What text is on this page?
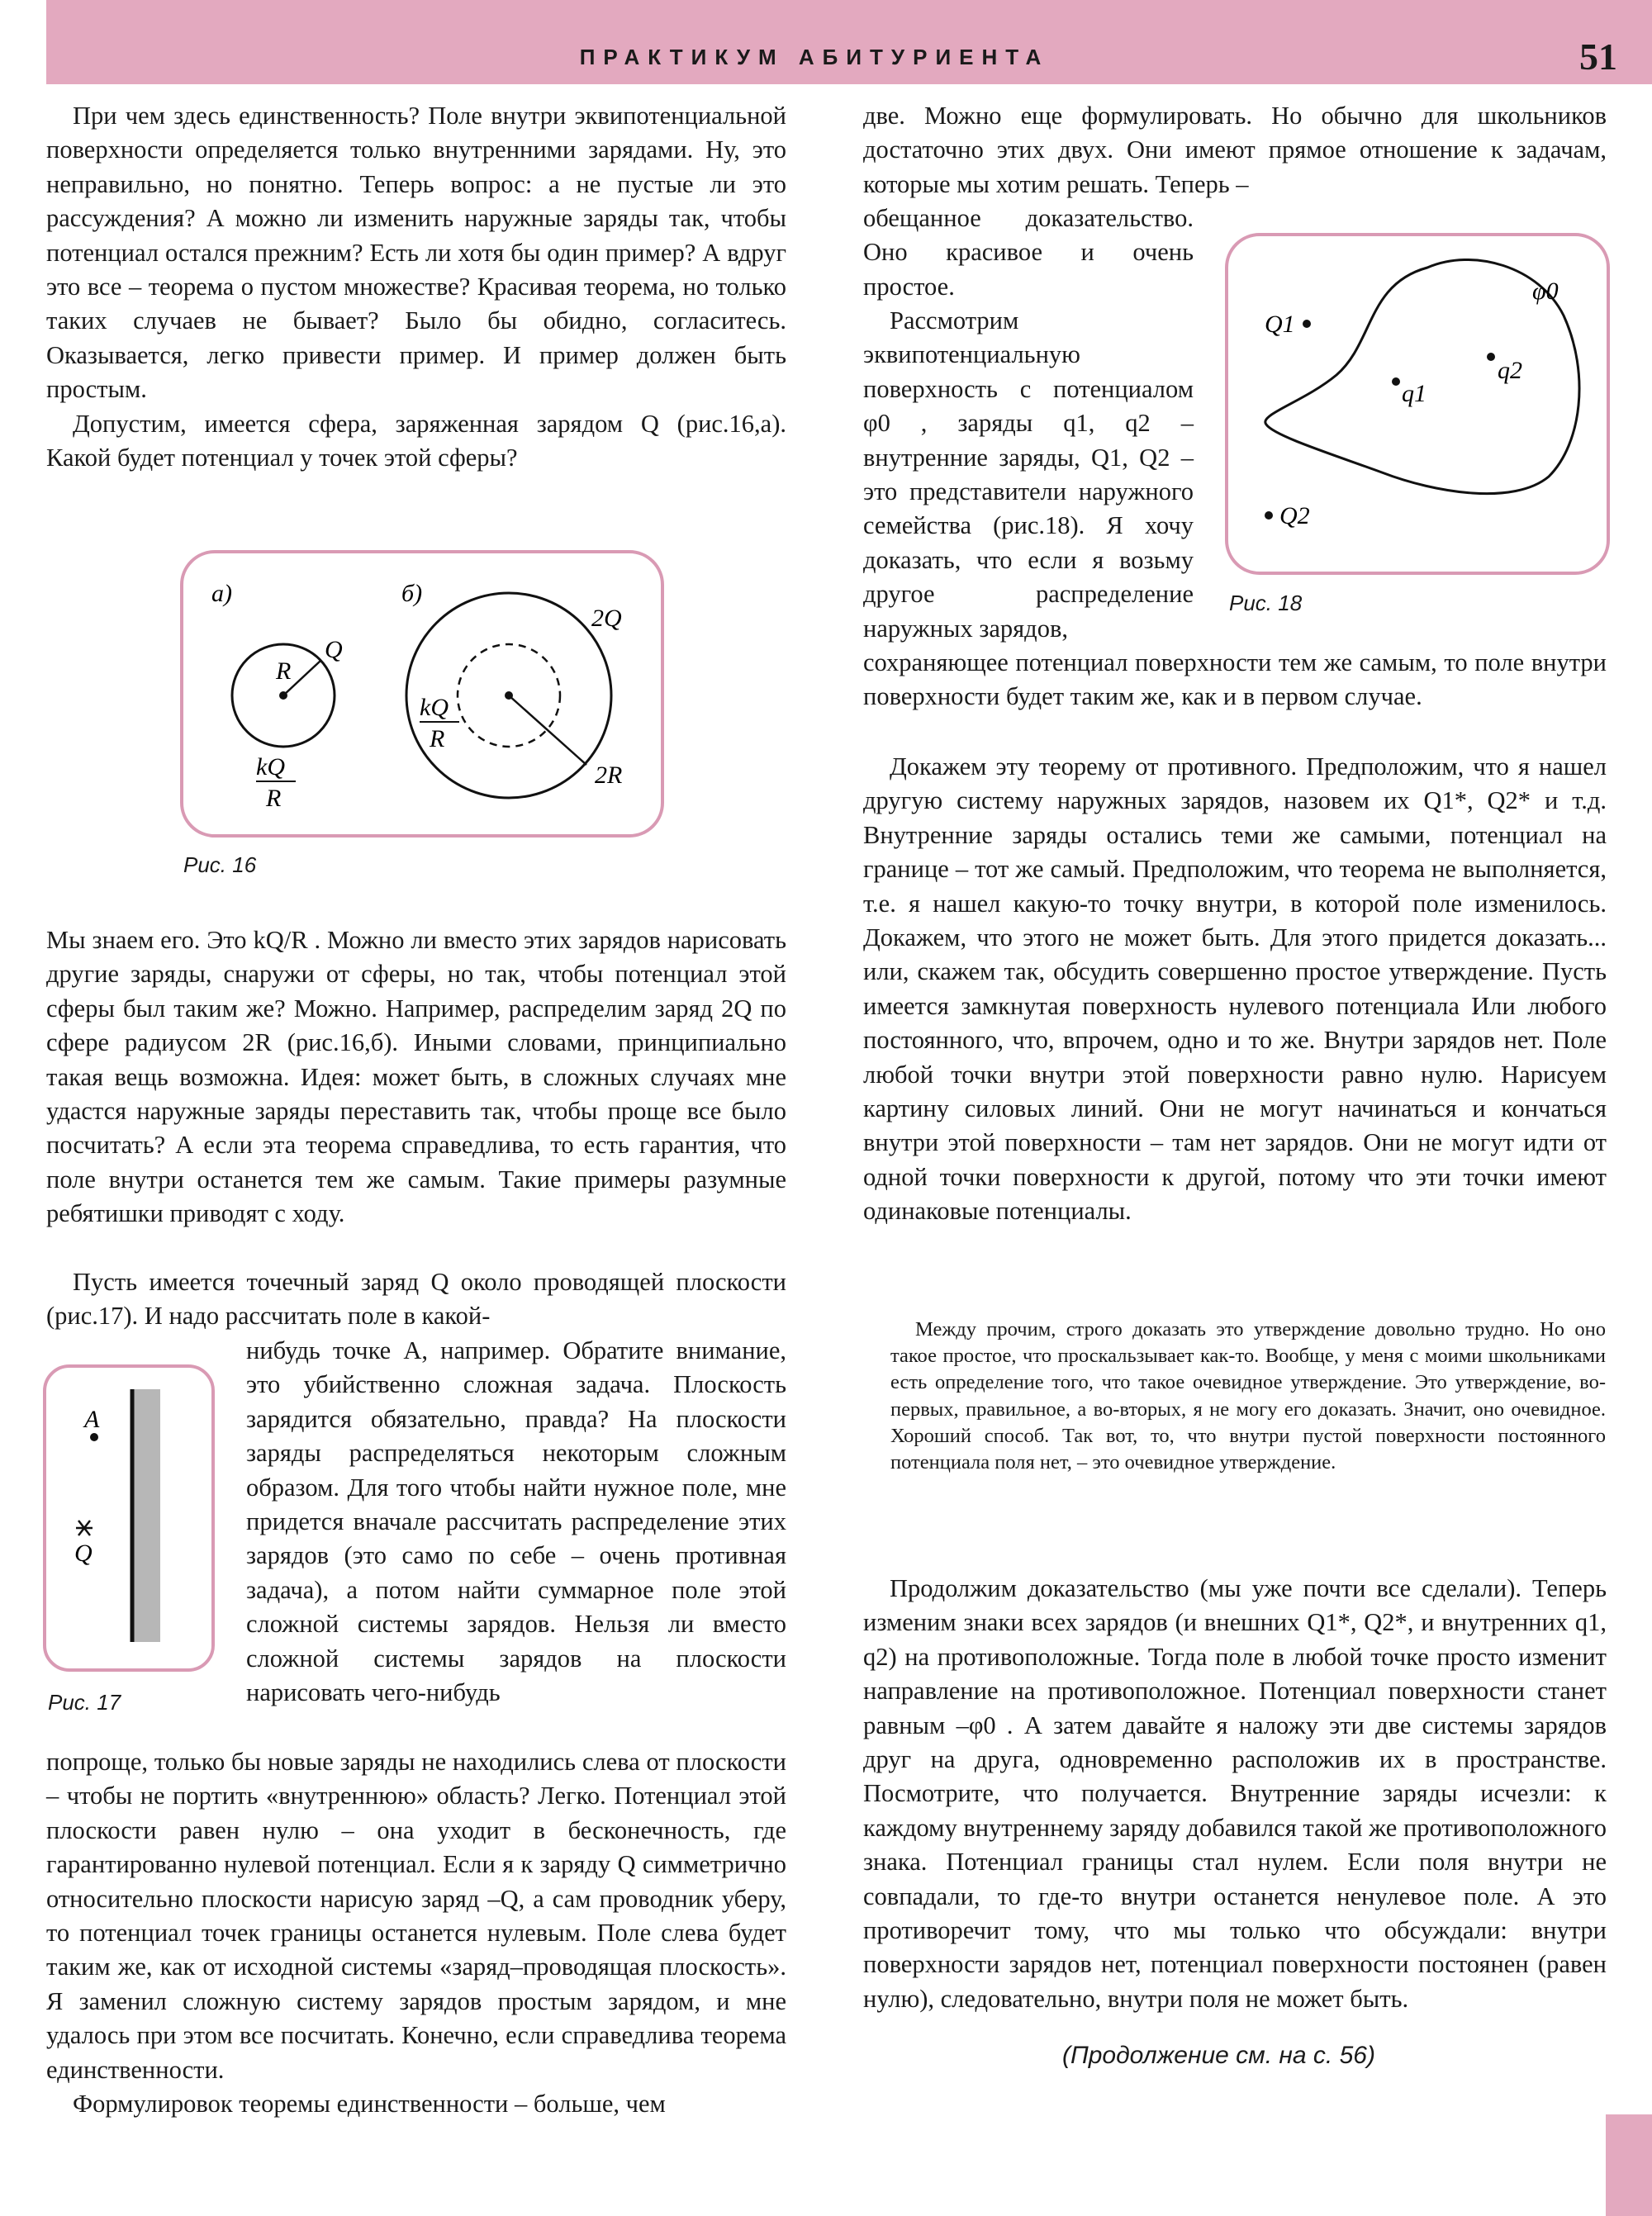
ПРАКТИКУМ АБИТУРИЕНТА	51

При чем здесь единственность? Поле внутри эквипотенциальной поверхности определяется только внутренними зарядами. Ну, это неправильно, но понятно. Теперь вопрос: а не пустые ли это рассуждения? А можно ли изменить наружные заряды так, чтобы потенциал остался прежним? Есть ли хотя бы один пример? А вдруг это все – теорема о пустом множестве? Красивая теорема, но только таких случаев не бывает? Было бы обидно, согласитесь. Оказывается, легко привести пример. И пример должен быть простым.

Допустим, имеется сфера, заряженная зарядом Q (рис.16,а). Какой будет потенциал у точек этой сферы?

а)	б)
R
Q
kQ
R
2Q
2R
kQ
R
Рис. 16
Мы знаем его. Это kQ/R . Можно ли вместо этих зарядов нарисовать другие заряды, снаружи от сферы, но так, чтобы потенциал этой сферы был таким же? Можно. Например, распределим заряд 2Q по сфере радиусом 2R (рис.16,б). Иными словами, принципиально такая вещь возможна. Идея: может быть, в сложных случаях мне удастся наружные заряды переставить так, чтобы проще все было посчитать? А если эта теорема справедлива, то есть гарантия, что поле внутри останется тем же самым. Такие примеры разумные ребятишки приводят с ходу.
Пусть имеется точечный заряд Q около проводящей плоскости (рис.17). И надо рассчитать поле в какой-
A
Q
Рис. 17
нибудь точке A, например. Обратите внимание, это убийственно сложная задача. Плоскость зарядится обязательно, правда? На плоскости заряды распределяться некоторым сложным образом. Для того чтобы найти нужное поле, мне придется вначале рассчитать распределение этих зарядов (это само по себе – очень противная задача), а потом найти суммарное поле этой сложной системы зарядов. Нельзя ли вместо сложной системы зарядов на плоскости нарисовать чего-нибудь
попроще, только бы новые заряды не находились слева от плоскости – чтобы не портить «внутреннюю» область? Легко. Потенциал этой плоскости равен нулю – она уходит в бесконечность, где гарантированно нулевой потенциал. Если я к заряду Q симметрично относительно плоскости нарисую заряд –Q, а сам проводник уберу, то потенциал точек границы останется нулевым. Поле слева будет таким же, как от исходной системы «заряд–проводящая плоскость». Я заменил сложную систему зарядов простым зарядом, и мне удалось при этом все посчитать. Конечно, если справедлива теорема единственности.
Формулировок теоремы единственности – больше, чем
две. Можно еще формулировать. Но обычно для школьников достаточно этих двух. Они имеют прямое отношение к задачам, которые мы хотим решать. Теперь –
обещанное доказательство. Оно красивое и очень простое.
Рассмотрим эквипотенциальную поверхность с потенциалом φ0 , заряды q1, q2 – внутренние заряды, Q1, Q2 – это представители наружного семейства (рис.18). Я хочу доказать, что если я возьму другое распределение наружных зарядов,
φ0
Q1
q1
q2
Q2
Рис. 18
сохраняющее потенциал поверхности тем же самым, то поле внутри поверхности будет таким же, как и в первом случае.
Докажем эту теорему от противного. Предположим, что я нашел другую систему наружных зарядов, назовем их Q1*, Q2* и т.д. Внутренние заряды остались теми же самыми, потенциал на границе – тот же самый. Предположим, что теорема не выполняется, т.е. я нашел какую-то точку внутри, в которой поле изменилось. Докажем, что этого не может быть. Для этого придется доказать... или, скажем так, обсудить совершенно простое утверждение. Пусть имеется замкнутая поверхность нулевого потенциала Или любого постоянного, что, впрочем, одно и то же. Внутри зарядов нет. Поле любой точки внутри этой поверхности равно нулю. Нарисуем картину силовых линий. Они не могут начинаться и кончаться внутри этой поверхности – там нет зарядов. Они не могут идти от одной точки поверхности к другой, потому что эти точки имеют одинаковые потенциалы.

Между прочим, строго доказать это утверждение довольно трудно. Но оно такое простое, что проскальзывает как-то. Вообще, у меня с моими школьниками есть определение того, что такое очевидное утверждение. Это утверждение, во-первых, правильное, а во-вторых, я не могу его доказать. Значит, оно очевидное. Хороший способ. Так вот, то, что внутри пустой поверхности постоянного потенциала поля нет, – это очевидное утверждение.

Продолжим доказательство (мы уже почти все сделали). Теперь изменим знаки всех зарядов (и внешних Q1*, Q2*, и внутренних q1, q2) на противоположные. Тогда поле в любой точке просто изменит направление на противоположное. Потенциал поверхности станет равным –φ0 . А затем давайте я наложу эти две системы зарядов друг на друга, одновременно расположив их в пространстве. Посмотрите, что получается. Внутренние заряды исчезли: к каждому внутреннему заряду добавился такой же противоположного знака. Потенциал границы стал нулем. Если поля внутри не совпадали, то где-то внутри останется ненулевое поле. А это противоречит тому, что мы только что обсуждали: внутри поверхности зарядов нет, потенциал поверхности постоянен (равен нулю), следовательно, внутри поля не может быть.
(Продолжение см. на с. 56)
